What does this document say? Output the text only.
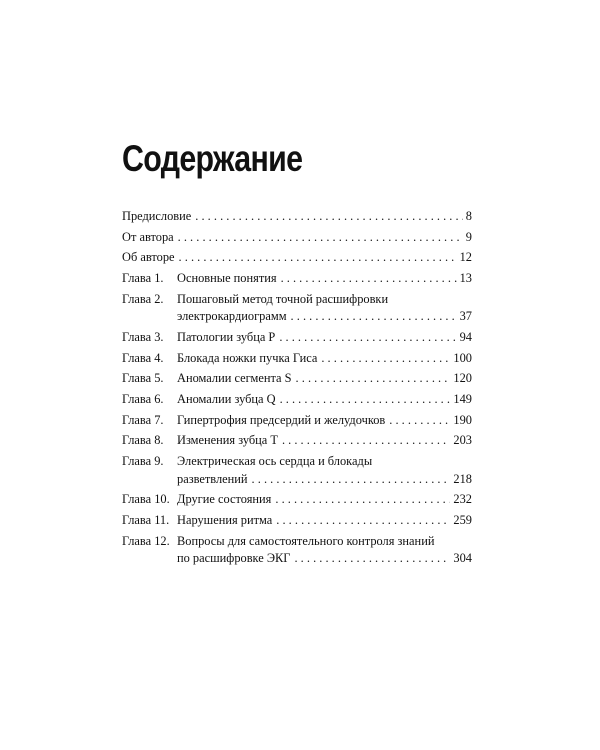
Содержание
Предисловие . . .	8
От автора . . .	9
Об авторе . . .	12
Глава 1.	Основные понятия . . .	13
Глава 2.	Пошаговый метод точной расшифровки
электрокардиограмм . . .	37
Глава 3.	Патологии зубца Р . . .	94
Глава 4.	Блокада ножки пучка Гиса . . .	100
Глава 5.	Аномалии сегмента S . . .	120
Глава 6.	Аномалии зубца Q . . .	149
Глава 7.	Гипертрофия предсердий и желудочков . . .	190
Глава 8.	Изменения зубца Т . . .	203
Глава 9.	Электрическая ось сердца и блокады
разветвлений . . .	218
Глава 10. Другие состояния . . .	232
Глава 11. Нарушения ритма . . .	259
Глава 12. Вопросы для самостоятельного контроля знаний
по расшифровке ЭКГ . . .	304
